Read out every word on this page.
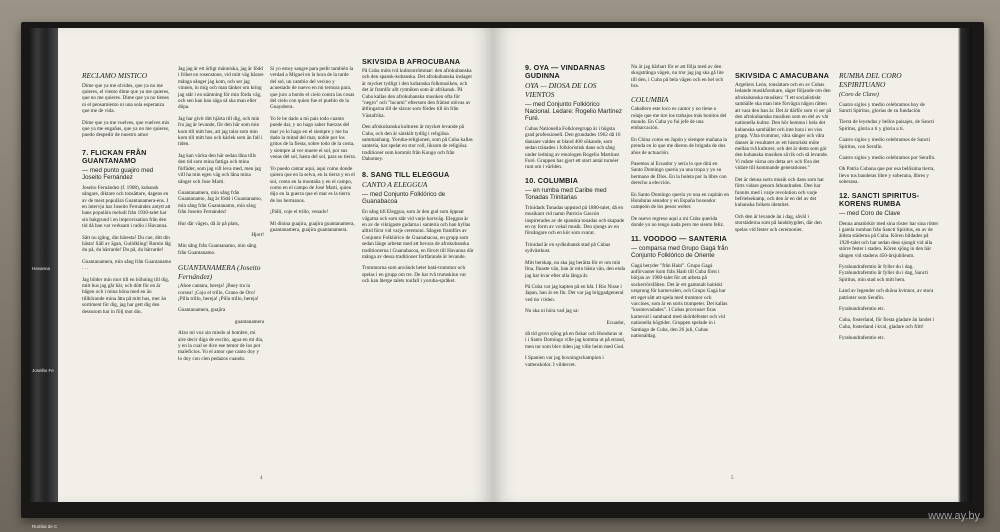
RECLAMO MISTICO

Dime que ya me olvides, que ya no me quieres, el viento dime que ya me quieres, que no me quieres. Dime que ya no tienes ni el pensamiento ni una sola esperanza que me de vida.

Dime que ya me vuelves, que vuelves mis que ya me engañas, que ya no me quieres, puedo despedir de nuestro amor

7. FLICKAN FRÅN GUANTANAMO

— med punto guajiro med Joseito Fernández

Joseito Fernández (f. 1908), kubansk sångare, diktare och tonsättare, dagens en av de mest populära Guantanamera-ens. I en intervju har Joseito Fernández antytt att hans populära melodi från 1930-talet har sin bakgrund i en improvisation från den tid då han var verksam i radio i Havanna.

Sätt nu igång, din bäresta! Du cue, ditt din bästa! Säll av ägan, Guildkling! Barnin låg du på, du bärrarde! Du på, du bärrarde!

Guantanamera, min sång från Guantanamo . . .

Jag bilder min mor till en höhning till dig, mitt hus jag går här, och dött för en är bågen och i mina höna med en än tillhörande mina åtta på mitt hus, mer än sortiment för dig, jag har gett dig den dessutom har in följ mot din.

Jag jag är ett ärligt människa, jag är född i frihet en rosenstone, vid mitt väg bärare många sånger jag kom, och ser jag vinnen, in mig och man tänker om kring jag står i en stämning för min förda väg, och sen kan han säga så ska man eller döpa.

Jag har givit ditt hjärta till dig, och min fru jag är levande, för den här som min kom till mitt hus, att jag talar som min kom till mitt hus och kärlek som än fall i tiden.

Jag kan väcka den här sedan låna tills den tid som mina fattiga och mina förfäder, som jag vill leva med, men jag vill ha min egen väg och låna mina sånger och Jose Marti.

Guantanamera, min sång från Guantanamo, Jag är född i Guantanamo, min sång från Guantanamo, min sång från Joseito Fernández!

Hur där vägen, då är på plats,

Hjort!

Min sång från Guantanamo, min sång från Guantanamo.

GUANTANAMERA (Joseito Fernández)

¡Ahoe cantara, hereja! ¡Buey tra la corsea! ¡Cojo el trillo, Grano de Oro! ¡Pilla trillo, hereja! ¡Pilla trillo, hereja!

Guantanamera, guajira

guantanamera

Alzo mi voz sin miedo al hombre, mi aire decir diga de escrito, agua en mi día, y en la cual se dice ese temor de los por maleficios. Yo el amor que canto doy y lo doy con cien pedazos cuando.

Si yo estoy sangre para pedir también la verdad a Miguel en la hora de la tarde del sol, un cambio del vecino y acuestado de nuevo en mi ternura para, que juro a bordo el cielo contra las cosas del cielo con quien fue el pueblo de la Guayabera.

Yo le he dado a mi pais todo cuanto puede dar, y no hago saber fuerzas del mar yo lo hago en el siempre y me ha dado la mitad del mar, noble por los gritos de la fiesta, sobre todo de la costa, y siempre al ver muere el sol, por sus venas del sol, hasta del sol, para su tierra.

Yo puedo cantar aquí, aquí como donde quiera que en la selva, en la tierra y en el sol, como en la montaña y en el campo, como en el campo de José Martí, quien dijo en la guerra que el mar es la tierra de los hermanos.

¡Pálli, coje el trillo, venado!

Mi dinina guajira, guajira guantanamera, guantanamera, guajira guantanamera.

SKIVSIDA B AFROCUBANA

På Cuba möts två kulturströmmar: den afrokubanska och den spansk-kubanska. Det afrokubanska inslaget är mycket tydligt i den kubanska folkmusiken, och det är framför allt rytmiken som är afrikansk. På Cuba kallas den afrokubanska musiken ofta för "negro" och "lucumi" eftersom den främst utövas av ättlingarna till de slavar som fördes till ön från Västafrika.

Den afrokubanska kulturen är mycket levande på Cuba, och den är särskilt tydlig i religiösa sammanhang. Yoruba-religionen, som på Cuba kallas santería, har spelat en stor roll, liksom de religiösa traditioner som kommit från Kongo och från Dahomey.

8. SANG TILL ELEGGUA

CANTO A ELEGGUA

— med Conjunto Folklórico de Guanabacoa

En sång till Eleggua, som är den gud som öppnar vägarna och som står vid varje korsväg. Eleggua är en av de viktigaste gudarna i santería och han hyllas alltid först vid varje ceremoni. Sången framförs av Conjunto Folklórico de Guanabacoa, en grupp som sedan länge arbetat med att bevara de afrokubanska traditionerna i Guanabacoa, en förort till Havanna där många av dessa traditioner fortfarande är levande.

Trummorna som används heter batá-trummor och spelas i en grupp om tre. De har två trumskinn var och kan återge talets tonfall i yoruba-språket.

4
Havanna
Joselito Fe
Rumba de C

9. OYA — VINDARNAS GUDINNA

OYA — DIOSA DE LOS VIENTOS

— med Conjunto Folklórico Nacional. Ledare: Rogelio Martínez Furé.

Cubas Nationella Folkloregrupp är i högsta grad professionell. Den grundades 1962 då 16 dansare valdes ut bland 400 sökande, som sedan tränades i folkloristisk dans och sång under ledning av etnologen Rogelio Martínez Furé. Gruppen har gjort ett stort antal turnéer runt om i världen.

10. COLUMBIA

— en rumba med Caribe med Tonadas Trinitarias

Trinidads Tonadas uppstod på 1880-talet, då en musikant vid namn Patricio Gascón inspirerades av de spanska tonadas och skapade en ny form av vokal musik. Den sjungs av en försångare och en kör som svarar.

Trinidad är en sydkubansk stad på Cubas sydvästkust.

Mitt berskap, nu ska jag berätta för er om min fina, finaste vän, han är min bästa vän, den enda jag har kvar efter alla långa år.

På Cuba var jag kapten på en båt. I Rio Nisse i Japan, han är en fin. Det var jag briggadgeneral ved tio i tiden.

Nu ska ni höra vad jag sa:

Ecuador,

då tid grovt sjöng på en fiskar och Honduras ut i i Santo Domingo ville jag komma ut på strand, men tur som blev tiden jag ville heim med Gud.

I Spanien var jag boxningschampion i vattenskidor. I vildesvet.

Nu är jag bärbart för er att följa med av den skogstrånga vägen, nu tror jag jag ska gå lite till den, i Cuba på hela vägen och en hel och bra.

COLUMBIA

Caballero este loco es cantor y no tiene a rolaje que me tire los trabajos más bonitos del mundo. En Cuba yo fui jefe de una embarcación.

En China como en Japón y siempre mañana la prenda en lo que me dieron de brigada de dos años de actuación.

Pasemos al Ecuador y sería lo que dirá en Santo Domingo quería ya una tropa y yo su hermano de Dios. En la boleta por la libre con derecho a elección.

En Santo Domingo quería yo una en capitán en Honduras senador y en España boxeador campeón de los pesos welter.

De nuevo regreso aquí a mi Cuba querida donde yo no tengo nada pero me siento feliz.

11. VOODOO — SANTERIA

— comparsa med Grupo Gagá från Conjunto Folklórico de Oriente

Gagá betyder "från Haiti". Grupo Gagá anförvanter kom från Haiti till Cuba först i början av 1900-talet för att arbeta på sockerrörsfälten. Det är ett gammalt haitiskt ursprung för karnevalen, och Grupo Gagá har ett eget sätt att spela med trummor och vaccines, som är en sorts trumpeter. Det kallas "kosmovadades". I Cubas provinser firas karneval i samband med skördefester och vid nationella högtider. Gruppen spelade in i Santiago de Cuba, den 26 juli, Cubas nationaldag.

SKIVSIDA C AMACUBANA

Argeliers León, tonsättare och en av Cubas ledande musikforskare, säger följande om den afrokubanska musiken: "I ett socialistiskt samhälle ska man inte förvägra någon rätten att vara den han är. Det är därför som vi ser på den afrokubanska musiken som en del av vår nationella kultur. Den hör hemma i hela det kubanska samhället och inte bara i en viss grupp. Våra trummor, våra sånger och våra danser är resultatet av ett historiskt möte mellan två kulturer, och det är detta som gör den kubanska musiken så rik och så levande. Vi måste värna om detta arv och föra det vidare till kommande generationer."

Det är denna sorts musik och dans som har förts vidare genom århundraden. Den har funnits med i varje revolution och varje befrielsekamp, och den är en del av det kubanska folkets identitet.

Och den är levande än i dag, såväl i storstäderna som på landsbygden, där den spelas vid fester och ceremonier.

RUMBA DEL CORO ESPIRITUANO

(Coro de Clave)

Cuatro siglos y medio celebramos hoy de Sancti Spiritus, glorias de su fundación

Tierra de leyendas y bellos paisajes, de Sancti Spiritus, gloria a ti y gloria a ti.

Cuatro siglos y medio celebramos de Sancti Spiritus, con Serafín.

Cuatro siglos y medio celebramos por Serafín.

Oh Patria Cubana que por esa bellísima tierra, llevo tus banderas libre y soberana, libres y soberana.

12. SANCTI SPIRITUS-KORENS RUMBA

— med Coro de Clave

Denna amatörkör med sina röster har sina rötter i gamla rumban från Sancti Spiritus, en av de äldsta städerna på Cuba. Kören bildades på 1920-talet och har sedan dess sjungit vid alla större fester i staden. Kören sjöng in den här sången vid stadens 450-årsjubileum.

Fyrahundrafemtio år fyller du i dag. Fyrahundrafemtio år fyller du i dag, Sancti Spiritus, min stad och mitt hem.

Land av legender och sköna kvinnor, av stora patrioter som Serafín.

Fyrahundrafemtio etc.

Cuba, fosterland, för fiesta gladare än landet i Cuba, fosterland i kval, gladare och fritt!

Fyrahundrafemtio etc.

5
www.ay.by
